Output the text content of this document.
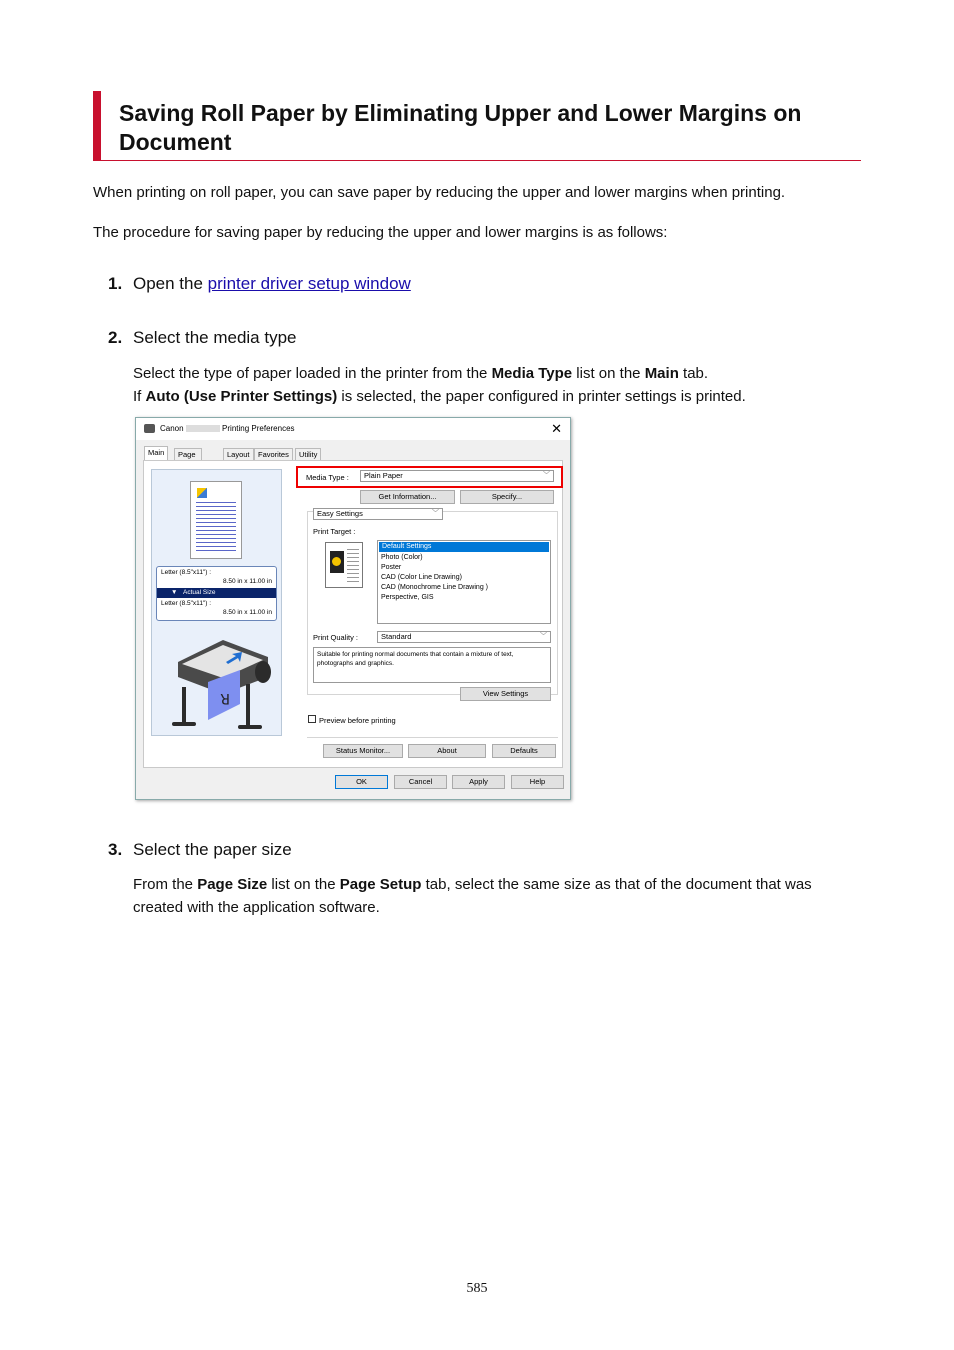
Saving Roll Paper by Eliminating Upper and Lower Margins on Document
When printing on roll paper, you can save paper by reducing the upper and lower margins when printing.
The procedure for saving paper by reducing the upper and lower margins is as follows:
1. Open the printer driver setup window
2. Select the media type
Select the type of paper loaded in the printer from the Media Type list on the Main tab.
If Auto (Use Printer Settings) is selected, the paper configured in printer settings is printed.
Canon	Printing Preferences	✕
Main	Page	Layout	Favorites	Utility
Letter (8.5"x11") :
8.50 in x 11.00 in
▼ Actual Size
Letter (8.5"x11") :
8.50 in x 11.00 in
R
Media Type :	Plain Paper	﹀
Get Information...	Specify...
Easy Settings	﹀
Print Target :
Default Settings
Photo (Color)
Poster
CAD (Color Line Drawing)
CAD (Monochrome Line Drawing )
Perspective, GIS
Print Quality :	Standard	﹀
Suitable for printing normal documents that contain a mixture of text, photographs and graphics.
View Settings
Preview before printing
Status Monitor...	About	Defaults
OK	Cancel	Apply	Help
3. Select the paper size
From the Page Size list on the Page Setup tab, select the same size as that of the document that was created with the application software.
585
